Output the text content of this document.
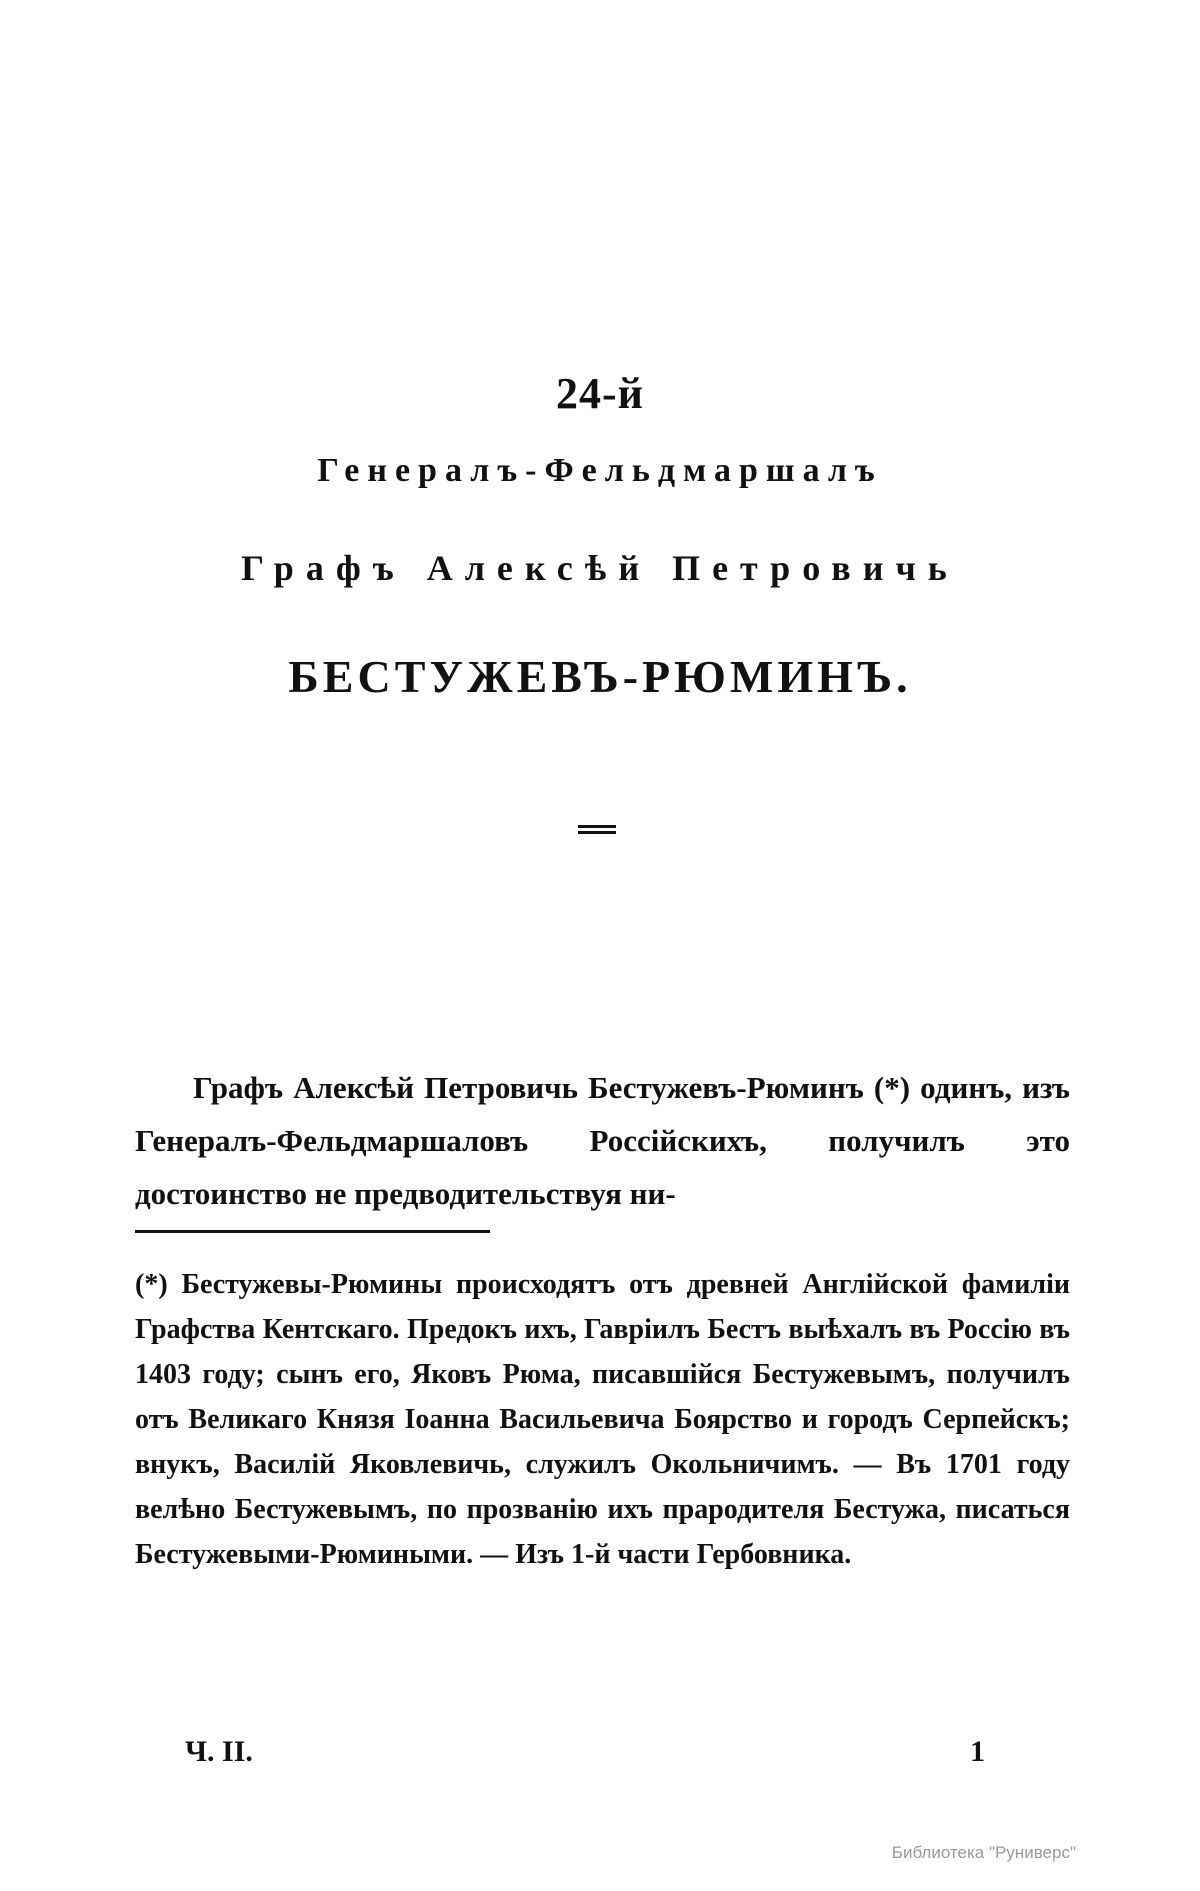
24-й
Генералъ-Фельдмаршалъ
Графъ Алексѣй Петровичь
БЕСТУЖЕВЪ-РЮМИНЪ.

Графъ Алексѣй Петровичь Бестужевъ-Рюминъ (*) одинъ, изъ Генералъ-Фельдмаршаловъ Россійскихъ, получилъ это достоинство не предводительствуя ни-

(*) Бестужевы-Рюмины происходятъ отъ древней Англійской фамиліи Графства Кентскаго. Предокъ ихъ, Гавріилъ Бестъ выѣхалъ въ Россію въ 1403 году; сынъ его, Яковъ Рюма, писавшійся Бестужевымъ, получилъ отъ Великаго Князя Іоанна Васильевича Боярство и городъ Серпейскъ; внукъ, Василій Яковлевичь, служилъ Окольничимъ. — Въ 1701 году велѣно Бестужевымъ, по прозванію ихъ прародителя Бестужа, писаться Бестужевыми-Рюмиными. — Изъ 1-й части Гербовника.
Ч. II.	1
Библиотека "Руниверс"
